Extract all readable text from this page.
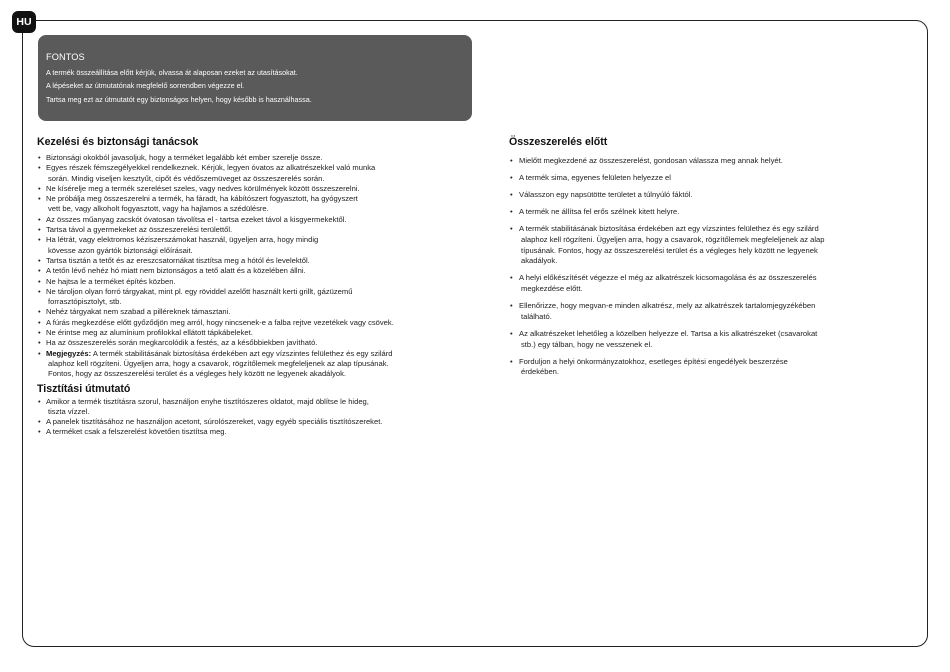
HU
FONTOS
A termék összeállítása előtt kérjük, olvassa át alaposan ezeket az utasításokat.
A lépéseket az útmutatónak megfelelő sorrendben végezze el.
Tartsa meg ezt az útmutatót egy biztonságos helyen, hogy később is használhassa.
Kezelési és biztonsági tanácsok
• Biztonsági okokból javasoljuk, hogy a terméket legalább két ember szerelje össze.
• Egyes részek fémszegélyekkel rendelkeznek. Kérjük, legyen óvatos az alkatrészekkel való munka
során. Mindig viseljen kesztyűt, cipőt és védőszemüveget az összeszerelés során.
• Ne kísérelje meg a termék szereléset szeles, vagy nedves körülmények között összeszerelni.
• Ne próbálja meg összeszerelni a termék, ha fáradt, ha kábítószert fogyasztott, ha gyógyszert
vett be, vagy alkoholt fogyasztott, vagy ha hajlamos a szédülésre.
• Az összes műanyag zacskót óvatosan távolítsa el - tartsa ezeket távol a kisgyermekektől.
• Tartsa távol a gyermekeket az összeszerelési területtől.
• Ha létrát, vagy elektromos kéziszerszámokat használ, ügyeljen arra, hogy mindig
kövesse azon gyártók biztonsági előírásait.
• Tartsa tisztán a tetőt és az ereszcsatornákat tisztítsa meg a hótól és levelektől.
• A tetőn lévő nehéz hó miatt nem biztonságos a tető alatt és a közelében állni.
• Ne hajtsa le a terméket építés közben.
• Ne tároljon olyan forró tárgyakat, mint pl. egy röviddel azelőtt használt kerti grillt, gázüzemű
forrasztópisztolyt, stb.
• Nehéz tárgyakat nem szabad a pilléreknek támasztani.
• A fúrás megkezdése előtt győződjön meg arról, hogy nincsenek-e a falba rejtve vezetékek vagy csövek.
• Ne érintse meg az alumínium profilokkal ellátott tápkábeleket.
• Ha az összeszerelés során megkarcolódik a festés, az a későbbiekben javítható.
• Megjegyzés: A termék stabilitásának biztosítása érdekében azt egy vízszintes felülethez és egy szilárd
alaphoz kell rögzíteni. Ügyeljen arra, hogy a csavarok, rögzítőlemek megfeleljenek az alap típusának.
Fontos, hogy az összeszerelési terület és a végleges hely között ne legyenek akadályok.
Tisztítási útmutató
• Amikor a termék tisztításra szorul, használjon enyhe tisztítószeres oldatot, majd öblítse le hideg,
tiszta vízzel.
• A panelek tisztításához ne használjon acetont, súrolószereket, vagy egyéb speciális tisztítószereket.
• A terméket csak a felszerelést követően tisztítsa meg.
Összeszerelés előtt
• Mielőtt megkezdené az összeszerelést, gondosan válassza meg annak helyét.
• A termék sima, egyenes felületen helyezze el
• Válasszon egy napsütötte területet a túlnyúló fáktól.
• A termék ne állítsa fel erős szélnek kitett helyre.
• A termék stabilitásának biztosítása érdekében azt egy vízszintes felülethez és egy szilárd
alaphoz kell rögzíteni. Ügyeljen arra, hogy a csavarok, rögzítőlemek megfeleljenek az alap
típusának. Fontos, hogy az összeszerelési terület és a végleges hely között ne legyenek
akadályok.
• A helyi előkészítését végezze el még az alkatrészek kicsomagolása és az összeszerelés
megkezdése előtt.
• Ellenőrizze, hogy megvan-e minden alkatrész, mely az alkatrészek tartalomjegyzékében
található.
• Az alkatrészeket lehetőleg a közelben helyezze el. Tartsa a kis alkatrészeket (csavarokat
stb.) egy tálban, hogy ne vesszenek el.
• Forduljon a helyi önkormányzatokhoz, esetleges építési engedélyek beszerzése
érdekében.
